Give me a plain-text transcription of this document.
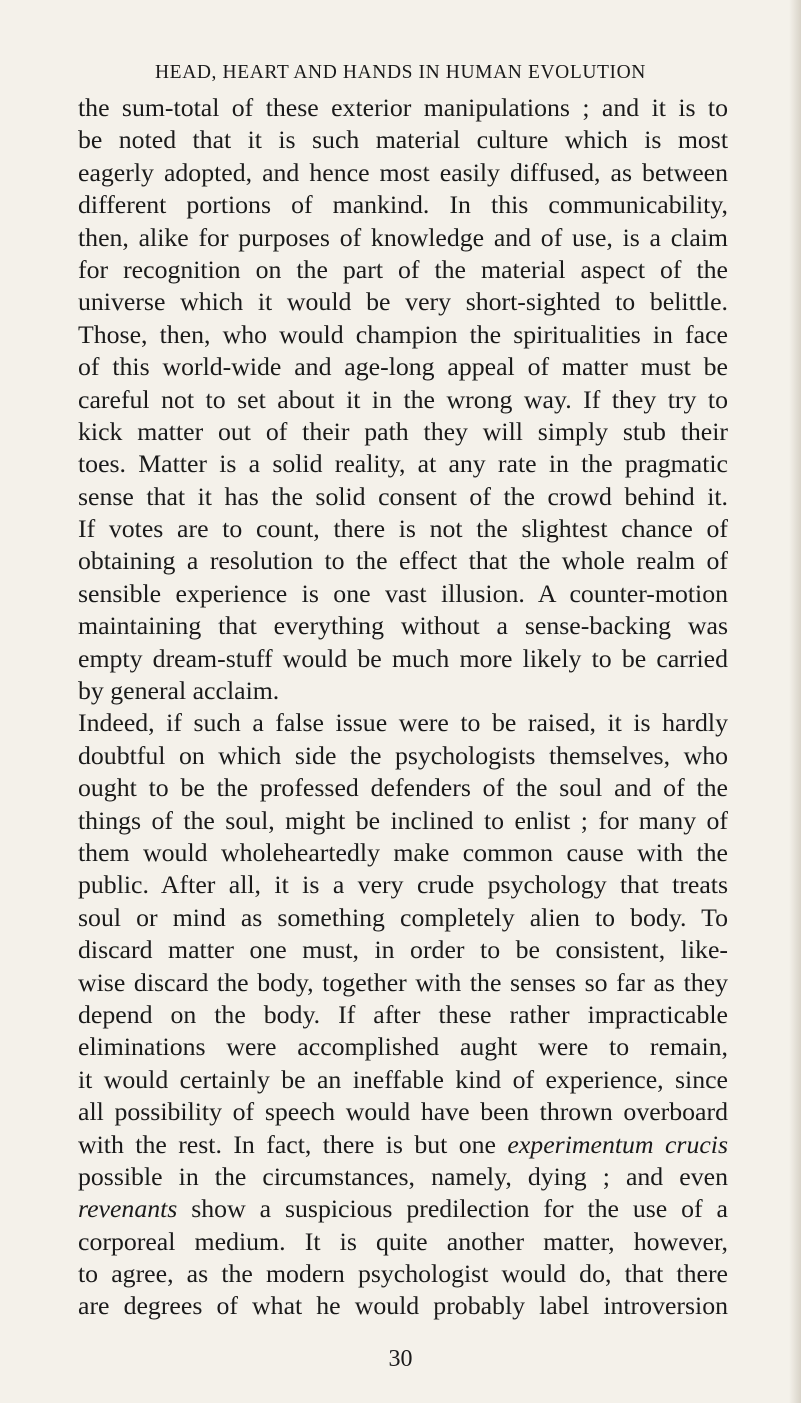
HEAD, HEART AND HANDS IN HUMAN EVOLUTION
the sum-total of these exterior manipulations ; and it is to
be noted that it is such material culture which is most
eagerly adopted, and hence most easily diffused, as between
different portions of mankind. In this communicability,
then, alike for purposes of knowledge and of use, is a claim
for recognition on the part of the material aspect of the
universe which it would be very short-sighted to belittle.
Those, then, who would champion the spiritualities in face
of this world-wide and age-long appeal of matter must be
careful not to set about it in the wrong way. If they try to
kick matter out of their path they will simply stub their
toes. Matter is a solid reality, at any rate in the pragmatic
sense that it has the solid consent of the crowd behind it.
If votes are to count, there is not the slightest chance of
obtaining a resolution to the effect that the whole realm of
sensible experience is one vast illusion. A counter-motion
maintaining that everything without a sense-backing was
empty dream-stuff would be much more likely to be carried
by general acclaim.
Indeed, if such a false issue were to be raised, it is hardly
doubtful on which side the psychologists themselves, who
ought to be the professed defenders of the soul and of the
things of the soul, might be inclined to enlist ; for many of
them would wholeheartedly make common cause with the
public. After all, it is a very crude psychology that treats
soul or mind as something completely alien to body. To
discard matter one must, in order to be consistent, like-
wise discard the body, together with the senses so far as they
depend on the body. If after these rather impracticable
eliminations were accomplished aught were to remain,
it would certainly be an ineffable kind of experience, since
all possibility of speech would have been thrown overboard
with the rest. In fact, there is but one experimentum crucis
possible in the circumstances, namely, dying ; and even
revenants show a suspicious predilection for the use of a
corporeal medium. It is quite another matter, however,
to agree, as the modern psychologist would do, that there
are degrees of what he would probably label introversion
30
